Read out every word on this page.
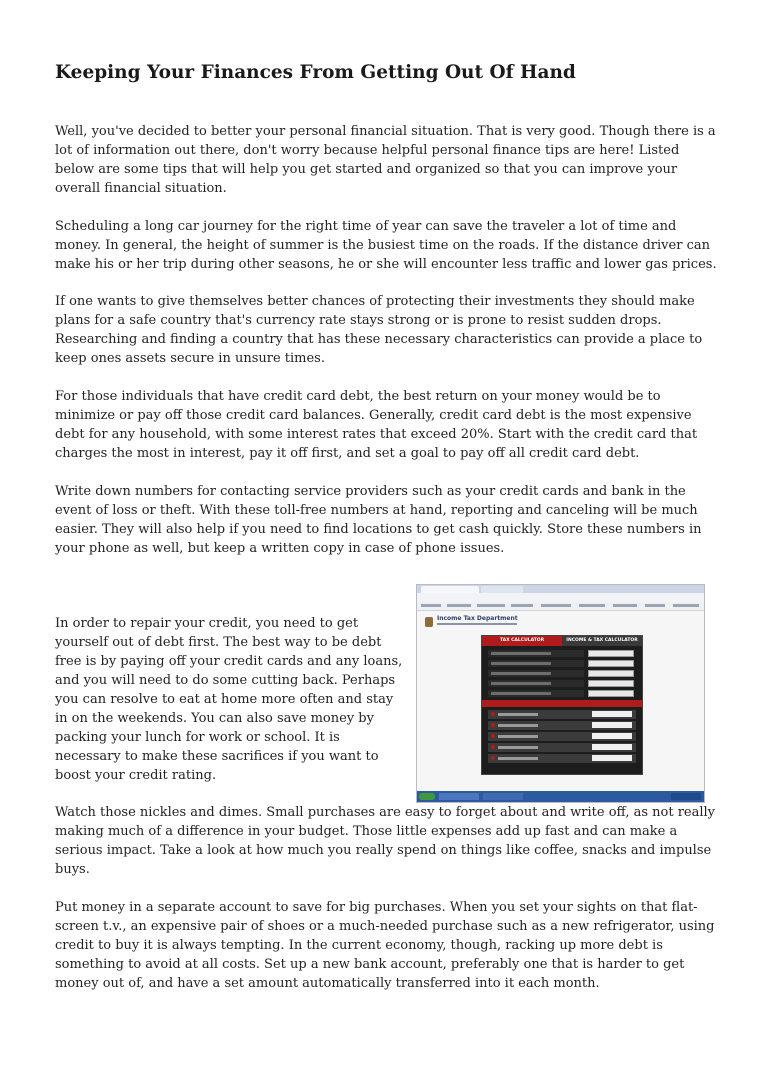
Keeping Your Finances From Getting Out Of Hand

Well, you've decided to better your personal financial situation. That is very good. Though there is a lot of information out there, don't worry because helpful personal finance tips are here! Listed below are some tips that will help you get started and organized so that you can improve your overall financial situation.

Scheduling a long car journey for the right time of year can save the traveler a lot of time and money. In general, the height of summer is the busiest time on the roads. If the distance driver can make his or her trip during other seasons, he or she will encounter less traffic and lower gas prices.

If one wants to give themselves better chances of protecting their investments they should make plans for a safe country that's currency rate stays strong or is prone to resist sudden drops. Researching and finding a country that has these necessary characteristics can provide a place to keep ones assets secure in unsure times.

For those individuals that have credit card debt, the best return on your money would be to minimize or pay off those credit card balances. Generally, credit card debt is the most expensive debt for any household, with some interest rates that exceed 20%. Start with the credit card that charges the most in interest, pay it off first, and set a goal to pay off all credit card debt.

Write down numbers for contacting service providers such as your credit cards and bank in the event of loss or theft. With these toll-free numbers at hand, reporting and canceling will be much easier. They will also help if you need to find locations to get cash quickly. Store these numbers in your phone as well, but keep a written copy in case of phone issues.

In order to repair your credit, you need to get yourself out of debt first. The best way to be debt free is by paying off your credit cards and any loans, and you will need to do some cutting back. Perhaps you can resolve to eat at home more often and stay in on the weekends. You can also save money by packing your lunch for work or school. It is necessary to make these sacrifices if you want to boost your credit rating.

Income Tax Department
TAX CALCULATOR	INCOME & TAX CALCULATOR

Watch those nickles and dimes. Small purchases are easy to forget about and write off, as not really making much of a difference in your budget. Those little expenses add up fast and can make a serious impact. Take a look at how much you really spend on things like coffee, snacks and impulse buys.

Put money in a separate account to save for big purchases. When you set your sights on that flat-screen t.v., an expensive pair of shoes or a much-needed purchase such as a new refrigerator, using credit to buy it is always tempting. In the current economy, though, racking up more debt is something to avoid at all costs. Set up a new bank account, preferably one that is harder to get money out of, and have a set amount automatically transferred into it each month.
